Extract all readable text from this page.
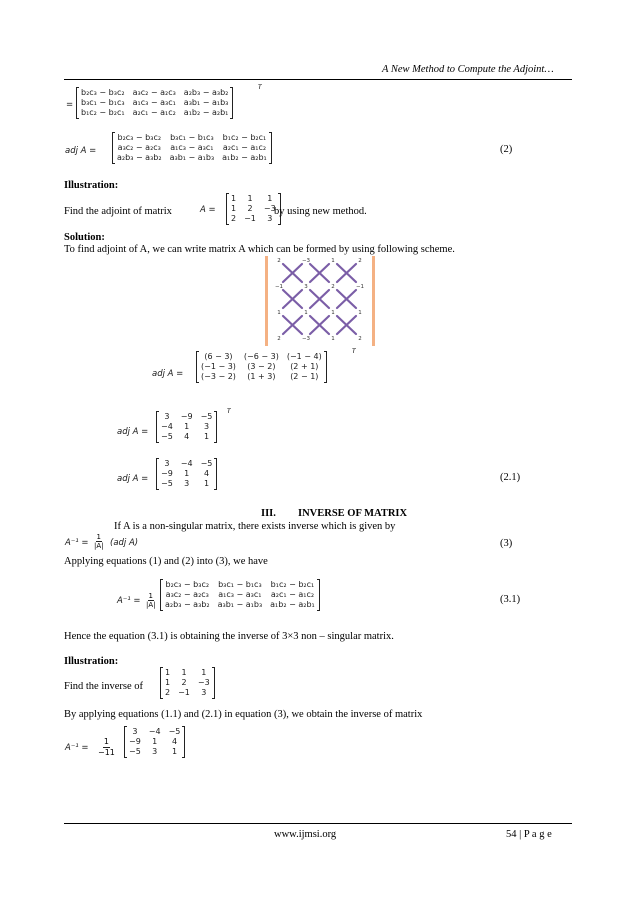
A New Method to Compute the Adjoint…
=
b₂c₃ − b₃c₂	a₃c₂ − a₂c₃	a₂b₃ − a₃b₂
b₃c₁ − b₁c₃	a₁c₃ − a₃c₁	a₃b₁ − a₁b₃
b₁c₂ − b₂c₁	a₂c₁ − a₁c₂	a₁b₂ − a₂b₁
T
adj A =
b₂c₃ − b₃c₂	b₃c₁ − b₁c₃	b₁c₂ − b₂c₁
a₃c₂ − a₂c₃	a₁c₃ − a₃c₁	a₂c₁ − a₁c₂
a₂b₃ − a₃b₂	a₃b₁ − a₁b₃	a₁b₂ − a₂b₁
(2)
Illustration:
Find the adjoint of matrix	A =
1	1	1
1	2	−3
2	−1	3
by using new method.
Solution:
To find adjoint of A, we can write matrix A which can be formed by using following scheme.
2	−3	1	2
−1	3	2	−1
1	1	1	1
2	−3	1	2
adj A =
(6 − 3)	(−6 − 3)	(−1 − 4)
(−1 − 3)	(3 − 2)	(2 + 1)
(−3 − 2)	(1 + 3)	(2 − 1)
T
adj A =
3	−9	−5
−4	1	3
−5	4	1
T
adj A =
3	−4	−5
−9	1	4
−5	3	1
(2.1)
III. INVERSE OF MATRIX
If A is a non-singular matrix, there exists inverse which is given by
$A^{-1} = \frac{1}{|A|} (adj$ A)	(3)
Applying equations (1) and (2) into (3), we have
$A^{-1} = \frac{1}{|A|}$
b₂c₃ − b₃c₂	b₃c₁ − b₁c₃	b₁c₂ − b₂c₁
a₃c₂ − a₂c₃	a₁c₃ − a₃c₁	a₂c₁ − a₁c₂
a₂b₃ − a₃b₂	a₃b₁ − a₁b₃	a₁b₂ − a₂b₁	(3.1)
Hence the equation (3.1) is obtaining the inverse of 3×3 non – singular matrix.
Illustration:
Find the inverse of
1	1	1
1	2	−3
2	−1	3
By applying equations (1.1) and (2.1) in equation (3), we obtain the inverse of matrix
$A^{-1} = \frac{1}{-11}$
3	−4	−5
−9	1	4
−5	3	1
www.ijmsi.org	54 | P a g e
